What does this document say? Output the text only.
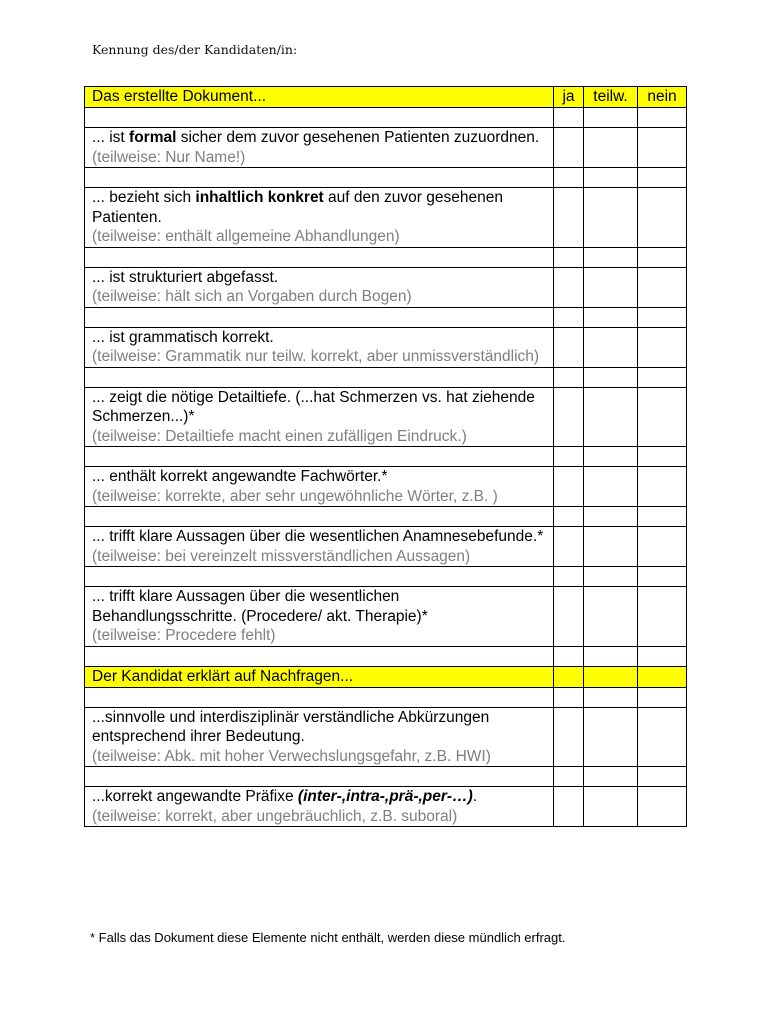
Kennung des/der Kandidaten/in:
Das erstellte Dokument...	ja	teilw.	nein

... ist formal sicher dem zuvor gesehenen Patienten zuzuordnen.
(teilweise: Nur Name!)			

... bezieht sich inhaltlich konkret auf den zuvor gesehenen Patienten.
(teilweise: enthält allgemeine Abhandlungen)			

... ist strukturiert abgefasst.
(teilweise: hält sich an Vorgaben durch Bogen)			

... ist grammatisch korrekt.
(teilweise: Grammatik nur teilw. korrekt, aber unmissverständlich)			

... zeigt die nötige Detailtiefe. (...hat Schmerzen vs. hat ziehende Schmerzen...)*
(teilweise: Detailtiefe macht einen zufälligen Eindruck.)			

... enthält korrekt angewandte Fachwörter.*
(teilweise: korrekte, aber sehr ungewöhnliche Wörter, z.B. )			

... trifft klare Aussagen über die wesentlichen Anamnesebefunde.*
(teilweise: bei vereinzelt missverständlichen Aussagen)			

... trifft klare Aussagen über die wesentlichen Behandlungsschritte. (Procedere/ akt. Therapie)*
(teilweise: Procedere fehlt)			

Der Kandidat erklärt auf Nachfragen...			

...sinnvolle und interdisziplinär verständliche Abkürzungen entsprechend ihrer Bedeutung.
(teilweise: Abk. mit hoher Verwechslungsgefahr, z.B. HWI)			

...korrekt angewandte Präfixe (inter-,intra-,prä-,per-…).
(teilweise: korrekt, aber ungebräuchlich, z.B. suboral)			

* Falls das Dokument diese Elemente nicht enthält, werden diese mündlich erfragt.
